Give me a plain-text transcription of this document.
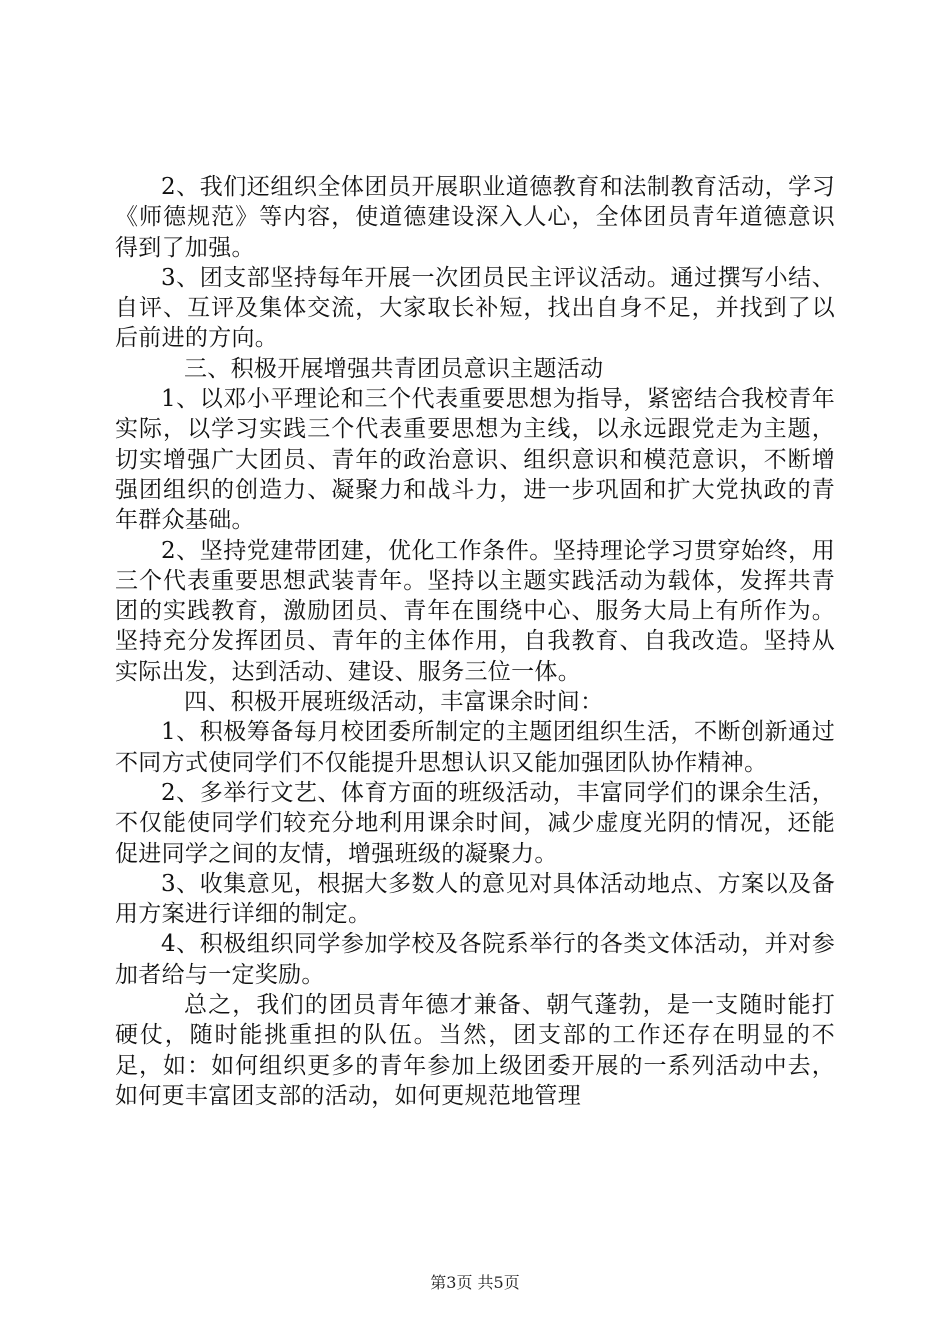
2、我们还组织全体团员开展职业道德教育和法制教育活动，学习《师德规范》等内容，使道德建设深入人心，全体团员青年道德意识得到了加强。

3、团支部坚持每年开展一次团员民主评议活动。通过撰写小结、自评、互评及集体交流，大家取长补短，找出自身不足，并找到了以后前进的方向。

三、积极开展增强共青团员意识主题活动

1、以邓小平理论和三个代表重要思想为指导，紧密结合我校青年实际，以学习实践三个代表重要思想为主线，以永远跟党走为主题，切实增强广大团员、青年的政治意识、组织意识和模范意识，不断增强团组织的创造力、凝聚力和战斗力，进一步巩固和扩大党执政的青年群众基础。

2、坚持党建带团建，优化工作条件。坚持理论学习贯穿始终，用三个代表重要思想武装青年。坚持以主题实践活动为载体，发挥共青团的实践教育，激励团员、青年在围绕中心、服务大局上有所作为。坚持充分发挥团员、青年的主体作用，自我教育、自我改造。坚持从实际出发，达到活动、建设、服务三位一体。

四、积极开展班级活动，丰富课余时间：

1、积极筹备每月校团委所制定的主题团组织生活，不断创新通过不同方式使同学们不仅能提升思想认识又能加强团队协作精神。

2、多举行文艺、体育方面的班级活动，丰富同学们的课余生活，不仅能使同学们较充分地利用课余时间，减少虚度光阴的情况，还能促进同学之间的友情，增强班级的凝聚力。

3、收集意见，根据大多数人的意见对具体活动地点、方案以及备用方案进行详细的制定。

4、积极组织同学参加学校及各院系举行的各类文体活动，并对参加者给与一定奖励。

总之，我们的团员青年德才兼备、朝气蓬勃，是一支随时能打硬仗，随时能挑重担的队伍。当然，团支部的工作还存在明显的不足，如：如何组织更多的青年参加上级团委开展的一系列活动中去，如何更丰富团支部的活动，如何更规范地管理

第3页 共5页
